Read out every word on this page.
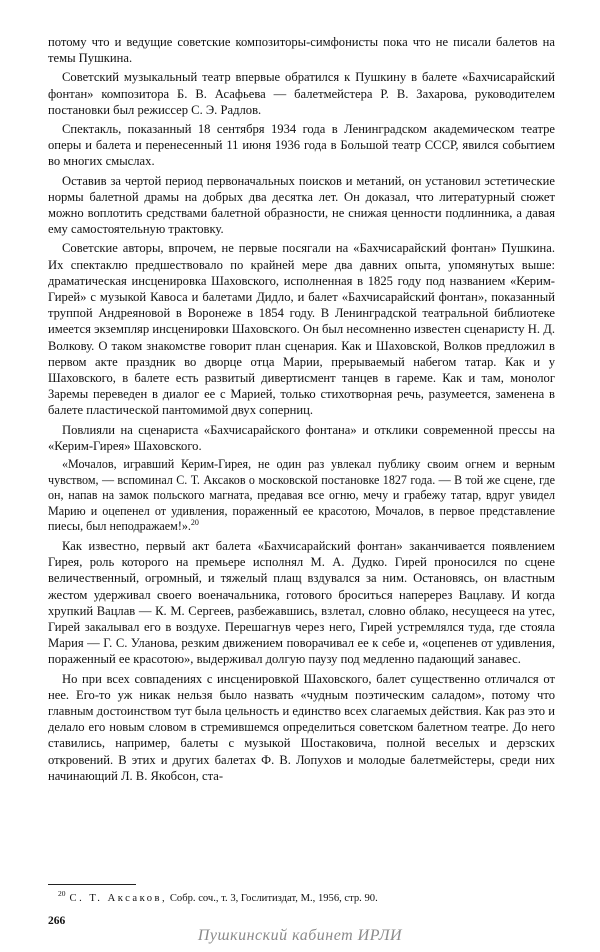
потому что и ведущие советские композиторы-симфонисты пока что не писали балетов на темы Пушкина.

Советский музыкальный театр впервые обратился к Пушкину в балете «Бахчисарайский фонтан» композитора Б. В. Асафьева — балетмейстера Р. В. Захарова, руководителем постановки был режиссер С. Э. Радлов.

Спектакль, показанный 18 сентября 1934 года в Ленинградском академическом театре оперы и балета и перенесенный 11 июня 1936 года в Большой театр СССР, явился событием во многих смыслах.

Оставив за чертой период первоначальных поисков и метаний, он установил эстетические нормы балетной драмы на добрых два десятка лет. Он доказал, что литературный сюжет можно воплотить средствами балетной образности, не снижая ценности подлинника, а давая ему самостоятельную трактовку.

Советские авторы, впрочем, не первые посягали на «Бахчисарайский фонтан» Пушкина. Их спектаклю предшествовало по крайней мере два давних опыта, упомянутых выше: драматическая инсценировка Шаховского, исполненная в 1825 году под названием «Керим-Гирей» с музыкой Кавоса и балетами Дидло, и балет «Бахчисарайский фонтан», показанный труппой Андреяновой в Воронеже в 1854 году. В Ленинградской театральной библиотеке имеется экземпляр инсценировки Шаховского. Он был несомненно известен сценаристу Н. Д. Волкову. О таком знакомстве говорит план сценария. Как и Шаховской, Волков предложил в первом акте праздник во дворце отца Марии, прерываемый набегом татар. Как и у Шаховского, в балете есть развитый дивертисмент танцев в гареме. Как и там, монолог Заремы переведен в диалог ее с Марией, только стихотворная речь, разумеется, заменена в балете пластической пантомимой двух соперниц.

Повлияли на сценариста «Бахчисарайского фонтана» и отклики современной прессы на «Керим-Гирея» Шаховского.

«Мочалов, игравший Керим-Гирея, не один раз увлекал публику своим огнем и верным чувством, — вспоминал С. Т. Аксаков о московской постановке 1827 года. — В той же сцене, где он, напав на замок польского магната, предавая все огню, мечу и грабежу татар, вдруг увидел Марию и оцепенел от удивления, пораженный ее красотою, Мочалов, в первое представление пиесы, был неподражаем!».$^{20}$

Как известно, первый акт балета «Бахчисарайский фонтан» заканчивается появлением Гирея, роль которого на премьере исполнял М. А. Дудко. Гирей проносился по сцене величественный, огромный, и тяжелый плащ вздувался за ним. Остановясь, он властным жестом удерживал своего военачальника, готового броситься наперерез Вацлаву. И когда хрупкий Вацлав — К. М. Сергеев, разбежавшись, взлетал, словно облако, несущееся на утес, Гирей закалывал его в воздухе. Перешагнув через него, Гирей устремлялся туда, где стояла Мария — Г. С. Уланова, резким движением поворачивал ее к себе и, «оцепенев от удивления, пораженный ее красотою», выдерживал долгую паузу под медленно падающий занавес.

Но при всех совпадениях с инсценировкой Шаховского, балет существенно отличался от нее. Его-то уж никак нельзя было назвать «чудным поэтическим саладом», потому что главным достоинством тут была цельность и единство всех слагаемых действия. Как раз это и делало его новым словом в стремившемся определиться советском балетном театре. До него ставились, например, балеты с музыкой Шостаковича, полной веселых и дерзских откровений. В этих и других балетах Ф. В. Лопухов и молодые балетмейстеры, среди них начинающий Л. В. Якобсон, ста-

$^{20}$ С. Т. Аксаков, Собр. соч., т. 3, Гослитиздат, М., 1956, стр. 90.
266
Пушкинский кабинет ИРЛИ
